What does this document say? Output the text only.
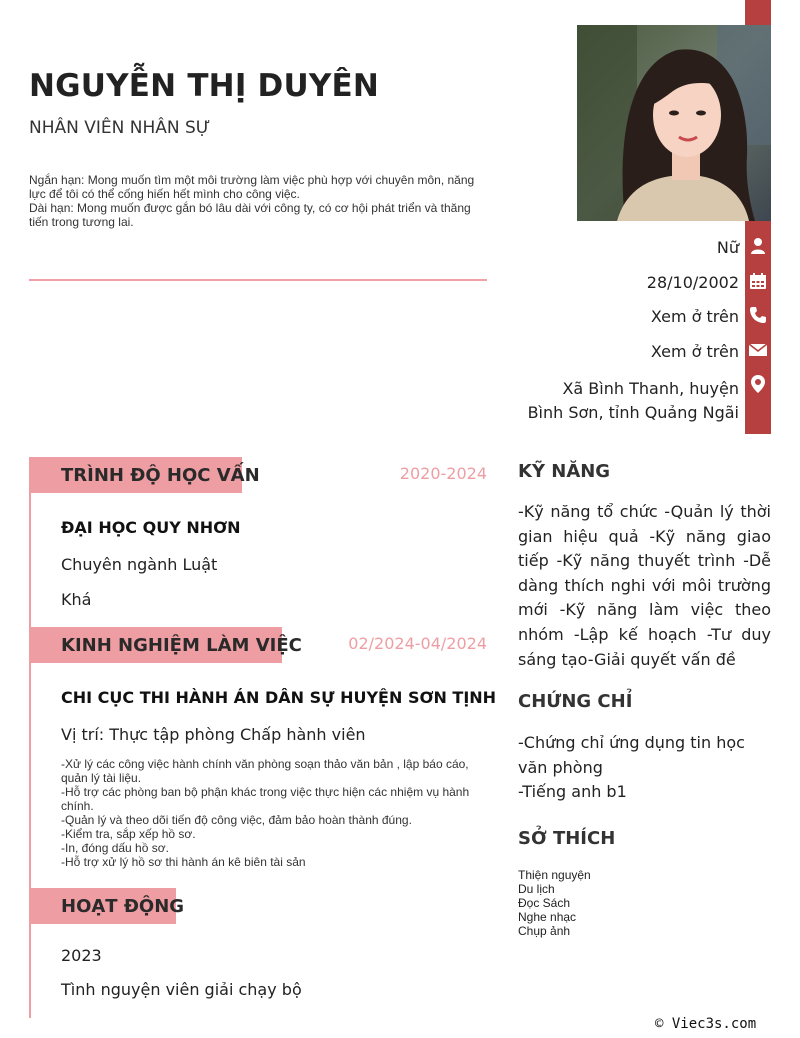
NGUYỄN THỊ DUYÊN
NHÂN VIÊN NHÂN SỰ
Ngắn hạn: Mong muốn tìm một môi trường làm việc phù hợp với chuyên môn, năng lực để tôi có thể cống hiến hết mình cho công việc.
Dài hạn: Mong muốn được gắn bó lâu dài với công ty, có cơ hội phát triển và thăng tiến trong tương lai.
Nữ
28/10/2002
Xem ở trên
Xem ở trên
Xã Bình Thanh, huyện Bình Sơn, tỉnh Quảng Ngãi
TRÌNH ĐỘ HỌC VẤN	2020-2024
ĐẠI HỌC QUY NHƠN
Chuyên ngành Luật
Khá
KINH NGHIỆM LÀM VIỆC	02/2024-04/2024
CHI CỤC THI HÀNH ÁN DÂN SỰ HUYỆN SƠN TỊNH
Vị trí: Thực tập phòng Chấp hành viên
-Xử lý các công việc hành chính văn phòng soạn thảo văn bản , lập báo cáo, quản lý tài liệu.
-Hỗ trợ các phòng ban bộ phận khác trong việc thực hiện các nhiệm vụ hành chính.
-Quản lý và theo dõi tiến độ công việc, đảm bảo hoàn thành đúng.
-Kiểm tra, sắp xếp hồ sơ.
-In, đóng dấu hồ sơ.
-Hỗ trợ xử lý hồ sơ thi hành án kê biên tài sản
HOẠT ĐỘNG
2023
Tình nguyện viên giải chạy bộ
KỸ NĂNG
-Kỹ năng tổ chức -Quản lý thời gian hiệu quả -Kỹ năng giao tiếp -Kỹ năng thuyết trình -Dễ dàng thích nghi với môi trường mới -Kỹ năng làm việc theo nhóm -Lập kế hoạch -Tư duy sáng tạo-Giải quyết vấn đề
CHỨNG CHỈ
-Chứng chỉ ứng dụng tin học văn phòng
-Tiếng anh b1
SỞ THÍCH
Thiện nguyện
Du lịch
Đọc Sách
Nghe nhạc
Chụp ảnh
© Viec3s.com
